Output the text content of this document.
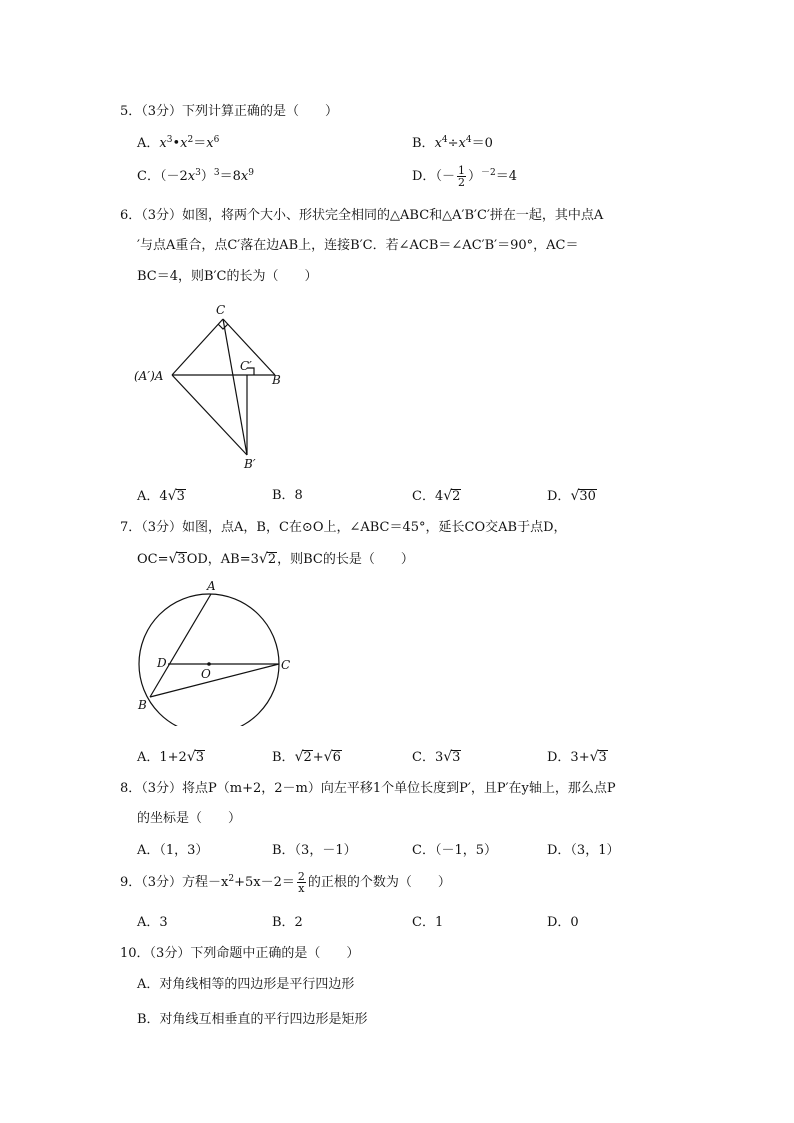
5．（3分）下列计算正确的是（　　）
A．$x^3•x^2=x^6$	B．$x^4\div x^4=0$
C．$(-2x^3)^3=8x^9$	D．（－ $\frac{1}{2} )^{-2}=4$
6．（3分）如图，将两个大小、形状完全相同的△ABC和△A′B′C′拼在一起，其中点A
′与点A重合，点C′落在边AB上，连接B′C．若∠ACB＝∠AC′B′＝90°，AC＝
BC＝4，则B′C的长为（　　）
C
(A′)A
C′
B
B′
A．4√3	B．8	C．4√2	D．√30
7．（3分）如图，点A，B，C在⊙O上，∠ABC＝45°，延长CO交AB于点D，
OC=√3OD，AB=3√2，则BC的长是（　　）
A
D
O
C
B
A．1+2√3	B．√2+√6	C．3√3	D．3+√3
8．（3分）将点P（m+2，2－m）向左平移1个单位长度到P′，且P′在y轴上，那么点P
的坐标是（　　）
A．（1，3）	B．（3，－1）	C．（－1，5）	D．（3，1）
9．（3分）方程$-x^2+5x-2= \frac{2}{x}$ 的正根的个数为（　　）
A．3	B．2	C．1	D．0
10．（3分）下列命题中正确的是（　　）
A．对角线相等的四边形是平行四边形
B．对角线互相垂直的平行四边形是矩形
